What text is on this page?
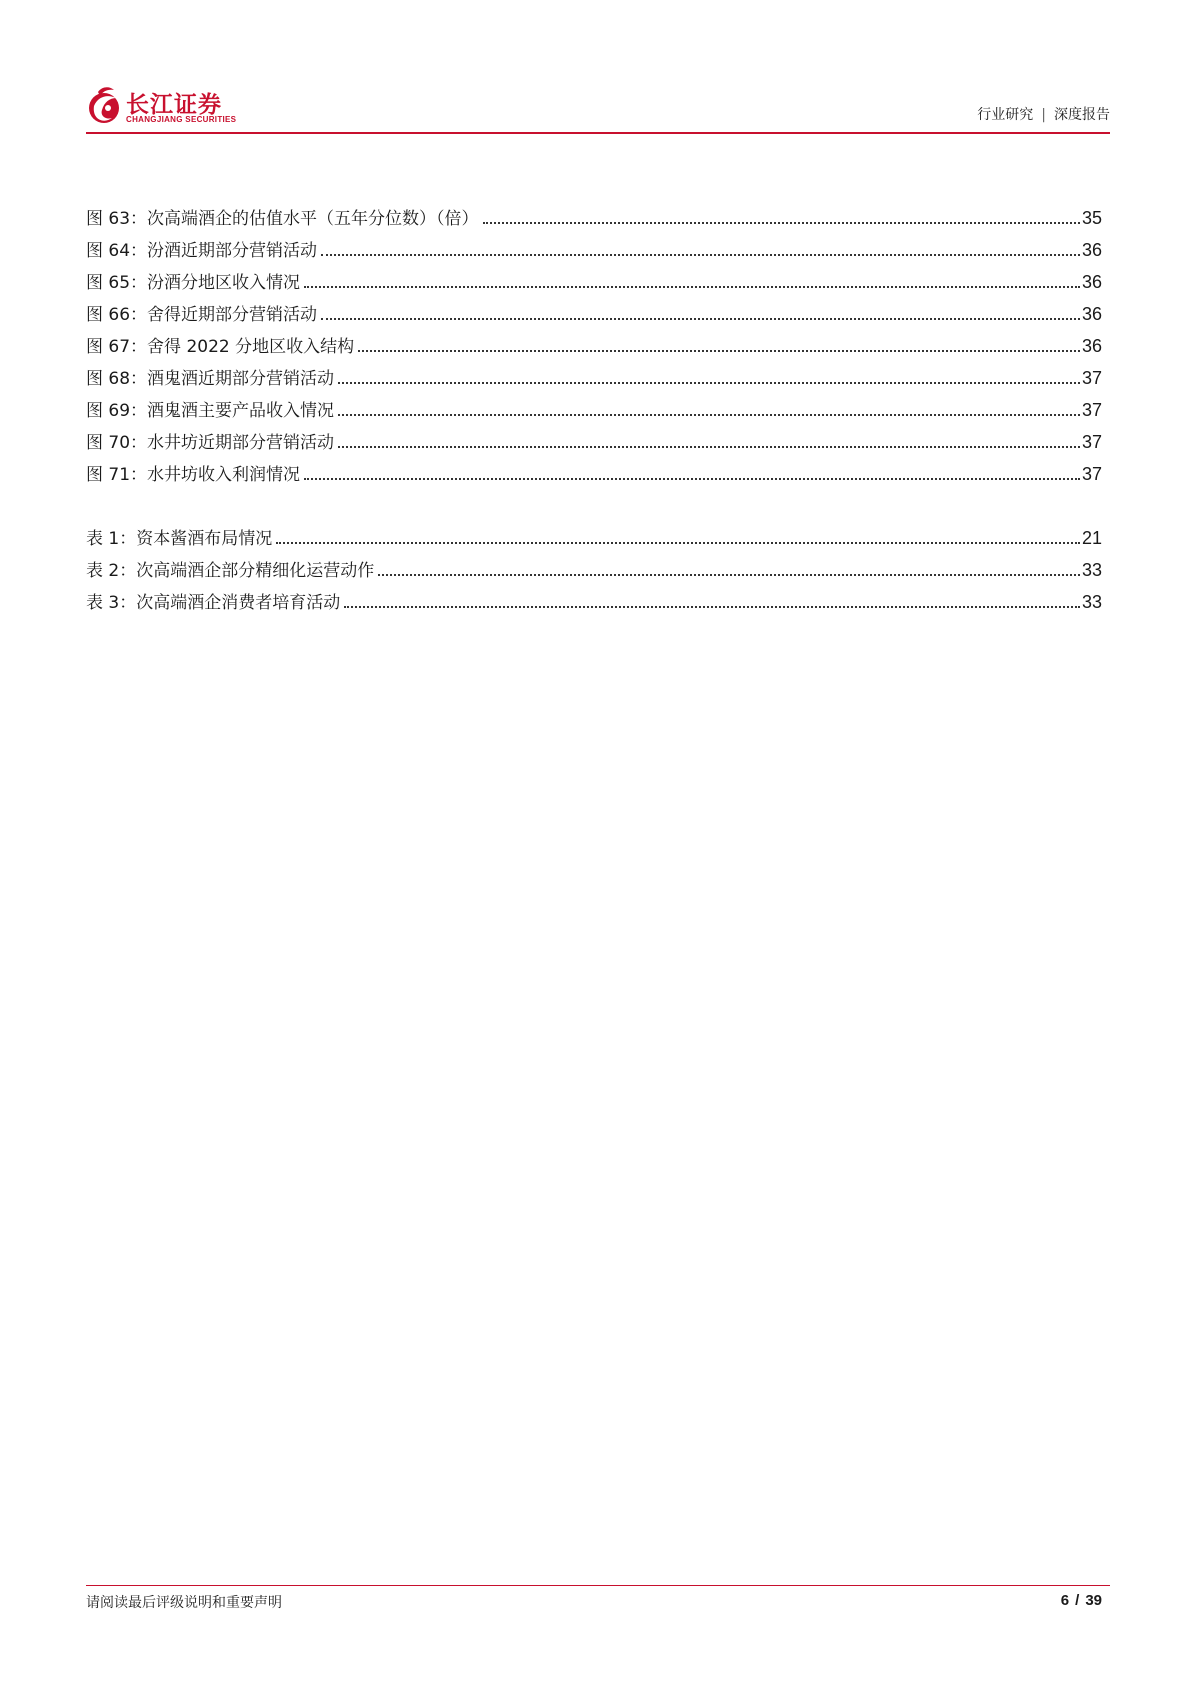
长江证券
CHANGJIANG SECURITIES	行业研究 | 深度报告
图 63：次高端酒企的估值水平（五年分位数）（倍）	35
图 64：汾酒近期部分营销活动	36
图 65：汾酒分地区收入情况	36
图 66：舍得近期部分营销活动	36
图 67：舍得 2022 分地区收入结构	36
图 68：酒鬼酒近期部分营销活动	37
图 69：酒鬼酒主要产品收入情况	37
图 70：水井坊近期部分营销活动	37
图 71：水井坊收入利润情况	37
表 1：资本酱酒布局情况	21
表 2：次高端酒企部分精细化运营动作	33
表 3：次高端酒企消费者培育活动	33
请阅读最后评级说明和重要声明	6 / 39
